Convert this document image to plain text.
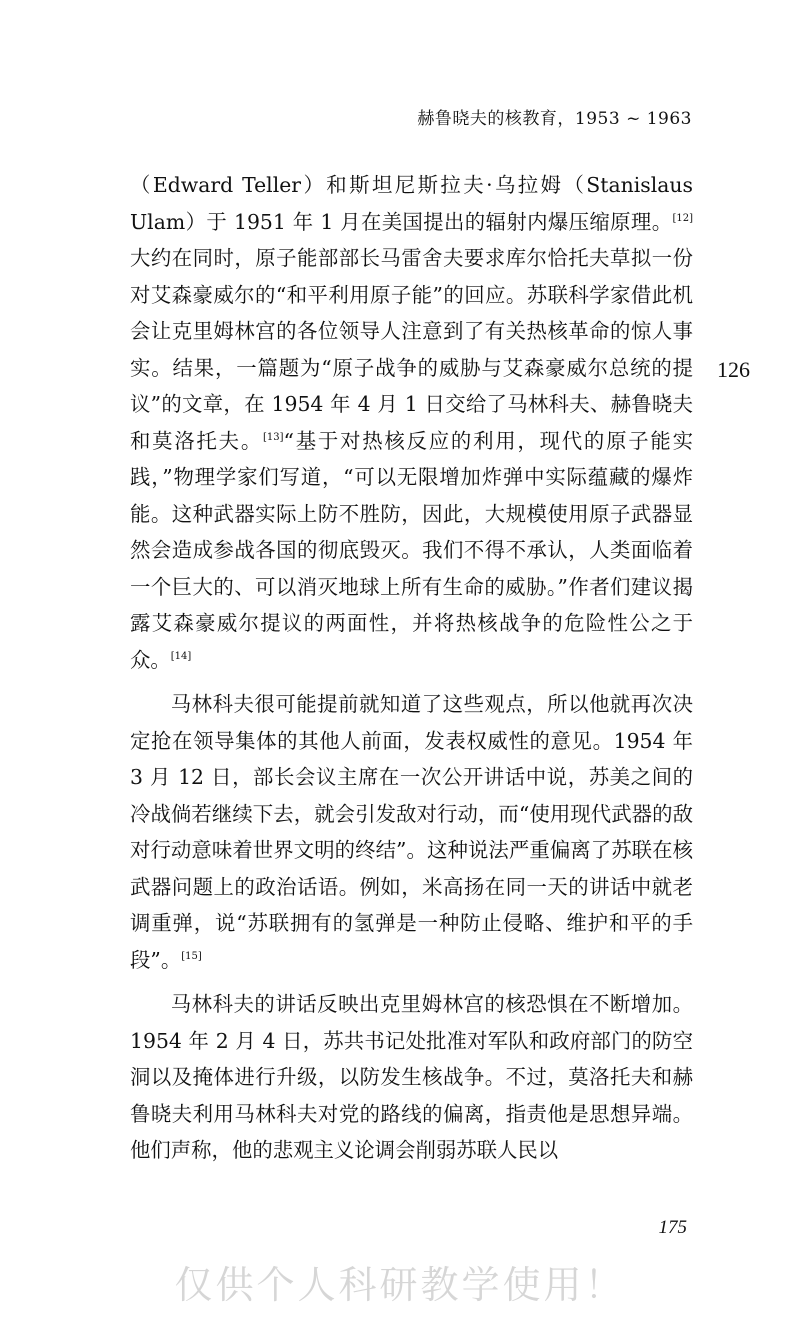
赫鲁晓夫的核教育，1953 ~ 1963

（Edward Teller）和斯坦尼斯拉夫·乌拉姆（Stanislaus Ulam）于 1951 年 1 月在美国提出的辐射内爆压缩原理。[12]大约在同时，原子能部部长马雷舍夫要求库尔恰托夫草拟一份对艾森豪威尔的“和平利用原子能”的回应。苏联科学家借此机会让克里姆林宫的各位领导人注意到了有关热核革命的惊人事实。结果，一篇题为“原子战争的威胁与艾森豪威尔总统的提议”的文章，在 1954 年 4 月 1 日交给了马林科夫、赫鲁晓夫和莫洛托夫。[13]“基于对热核反应的利用，现代的原子能实践，”物理学家们写道，“可以无限增加炸弹中实际蕴藏的爆炸能。这种武器实际上防不胜防，因此，大规模使用原子武器显然会造成参战各国的彻底毁灭。我们不得不承认，人类面临着一个巨大的、可以消灭地球上所有生命的威胁。”作者们建议揭露艾森豪威尔提议的两面性，并将热核战争的危险性公之于众。[14]

马林科夫很可能提前就知道了这些观点，所以他就再次决定抢在领导集体的其他人前面，发表权威性的意见。1954 年 3 月 12 日，部长会议主席在一次公开讲话中说，苏美之间的冷战倘若继续下去，就会引发敌对行动，而“使用现代武器的敌对行动意味着世界文明的终结”。这种说法严重偏离了苏联在核武器问题上的政治话语。例如，米高扬在同一天的讲话中就老调重弹，说“苏联拥有的氢弹是一种防止侵略、维护和平的手段”。[15]

马林科夫的讲话反映出克里姆林宫的核恐惧在不断增加。1954 年 2 月 4 日，苏共书记处批准对军队和政府部门的防空洞以及掩体进行升级，以防发生核战争。不过，莫洛托夫和赫鲁晓夫利用马林科夫对党的路线的偏离，指责他是思想异端。他们声称，他的悲观主义论调会削弱苏联人民以

126
175
仅供个人科研教学使用！
